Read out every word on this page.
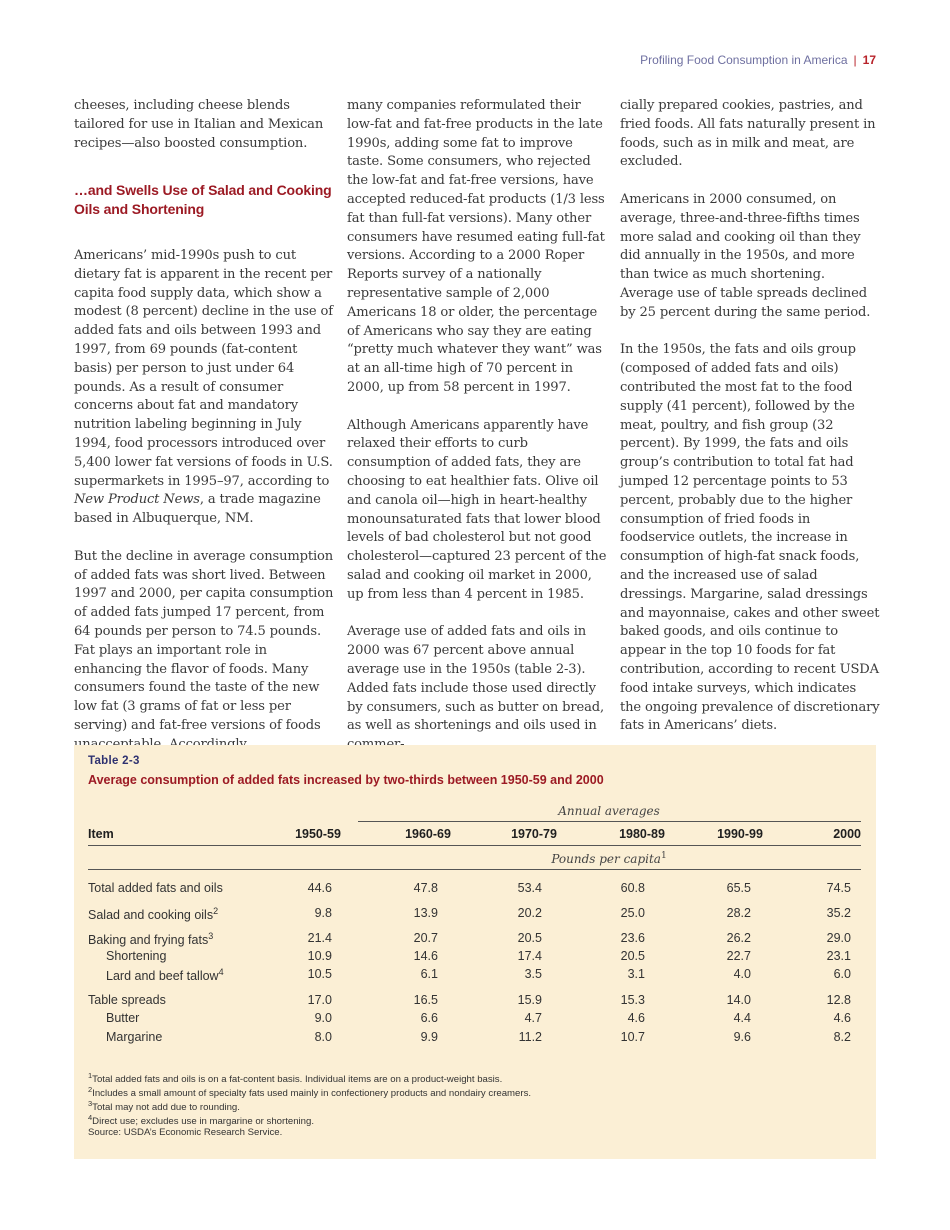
Profiling Food Consumption in America | 17

cheeses, including cheese blends tailored for use in Italian and Mexican recipes—also boosted consumption.

…and Swells Use of Salad and Cooking Oils and Shortening

Americans’ mid-1990s push to cut dietary fat is apparent in the recent per capita food supply data, which show a modest (8 percent) decline in the use of added fats and oils between 1993 and 1997, from 69 pounds (fat-content basis) per person to just under 64 pounds. As a result of consumer concerns about fat and mandatory nutrition labeling beginning in July 1994, food processors introduced over 5,400 lower fat versions of foods in U.S. supermarkets in 1995–97, according to New Product News, a trade magazine based in Albuquerque, NM.

But the decline in average consumption of added fats was short lived. Between 1997 and 2000, per capita consumption of added fats jumped 17 percent, from 64 pounds per person to 74.5 pounds. Fat plays an important role in enhancing the flavor of foods. Many consumers found the taste of the new low fat (3 grams of fat or less per serving) and fat-free versions of foods

many companies reformulated their low-fat and fat-free products in the late 1990s, adding some fat to improve taste. Some consumers, who rejected the low-fat and fat-free versions, have accepted reduced-fat products (1/3 less fat than full-fat versions). Many other consumers have resumed eating full-fat versions. According to a 2000 Roper Reports survey of a nationally representative sample of 2,000 Americans 18 or older, the percentage of Americans who say they are eating “pretty much whatever they want” was at an all-time high of 70 percent in 2000, up from 58 percent in 1997.

Although Americans apparently have relaxed their efforts to curb consumption of added fats, they are choosing to eat healthier fats. Olive oil and canola oil—high in heart-healthy monounsaturated fats that lower blood levels of bad cholesterol but not good cholesterol—captured 23 percent of the salad and cooking oil market in 2000, up from less than 4 percent in 1985.

Average use of added fats and oils in 2000 was 67 percent above annual average use in the 1950s (table 2-3). Added fats include those used directly by consumers, such as butter on bread, as well as shortenings and oils used in

cially prepared cookies, pastries, and fried foods. All fats naturally present in foods, such as in milk and meat, are excluded.

Americans in 2000 consumed, on average, three-and-three-fifths times more salad and cooking oil than they did annually in the 1950s, and more than twice as much shortening. Average use of table spreads declined by 25 percent during the same period.

In the 1950s, the fats and oils group (composed of added fats and oils) contributed the most fat to the food supply (41 percent), followed by the meat, poultry, and fish group (32 percent). By 1999, the fats and oils group’s contribution to total fat had jumped 12 percentage points to 53 percent, probably due to the higher consumption of fried foods in foodservice outlets, the increase in consumption of high-fat snack foods, and the increased use of salad dressings. Margarine, salad dressings and mayonnaise, cakes and other sweet baked goods, and oils continue to appear in the top 10 foods for fat contribution, according to recent USDA food intake surveys, which indicates the ongoing prevalence of discretionary fats in Americans’ diets.

Table 2-3
Average consumption of added fats increased by two-thirds between 1950-59 and 2000
Annual averages
Item	1950-59	1960-69	1970-79	1980-89	1990-99	2000
Pounds per capita$^1$
Total added fats and oils	44.6	47.8	53.4	60.8	65.5	74.5
Salad and cooking oils$^2$	9.8	13.9	20.2	25.0	28.2	35.2
Baking and frying fats$^3$	21.4	20.7	20.5	23.6	26.2	29.0
Shortening	10.9	14.6	17.4	20.5	22.7	23.1
Lard and beef tallow$^4$	10.5	6.1	3.5	3.1	4.0	6.0
Table spreads	17.0	16.5	15.9	15.3	14.0	12.8
Butter	9.0	6.6	4.7	4.6	4.4	4.6
Margarine	8.0	9.9	11.2	10.7	9.6	8.2
$^1$Total added fats and oils is on a fat-content basis. Individual items are on a product-weight basis.
$^2$Includes a small amount of specialty fats used mainly in confectionery products and nondairy creamers.
$^3$Total may not add due to rounding.
$^4$Direct use; excludes use in margarine or shortening.
Source: USDA’s Economic Research Service.
